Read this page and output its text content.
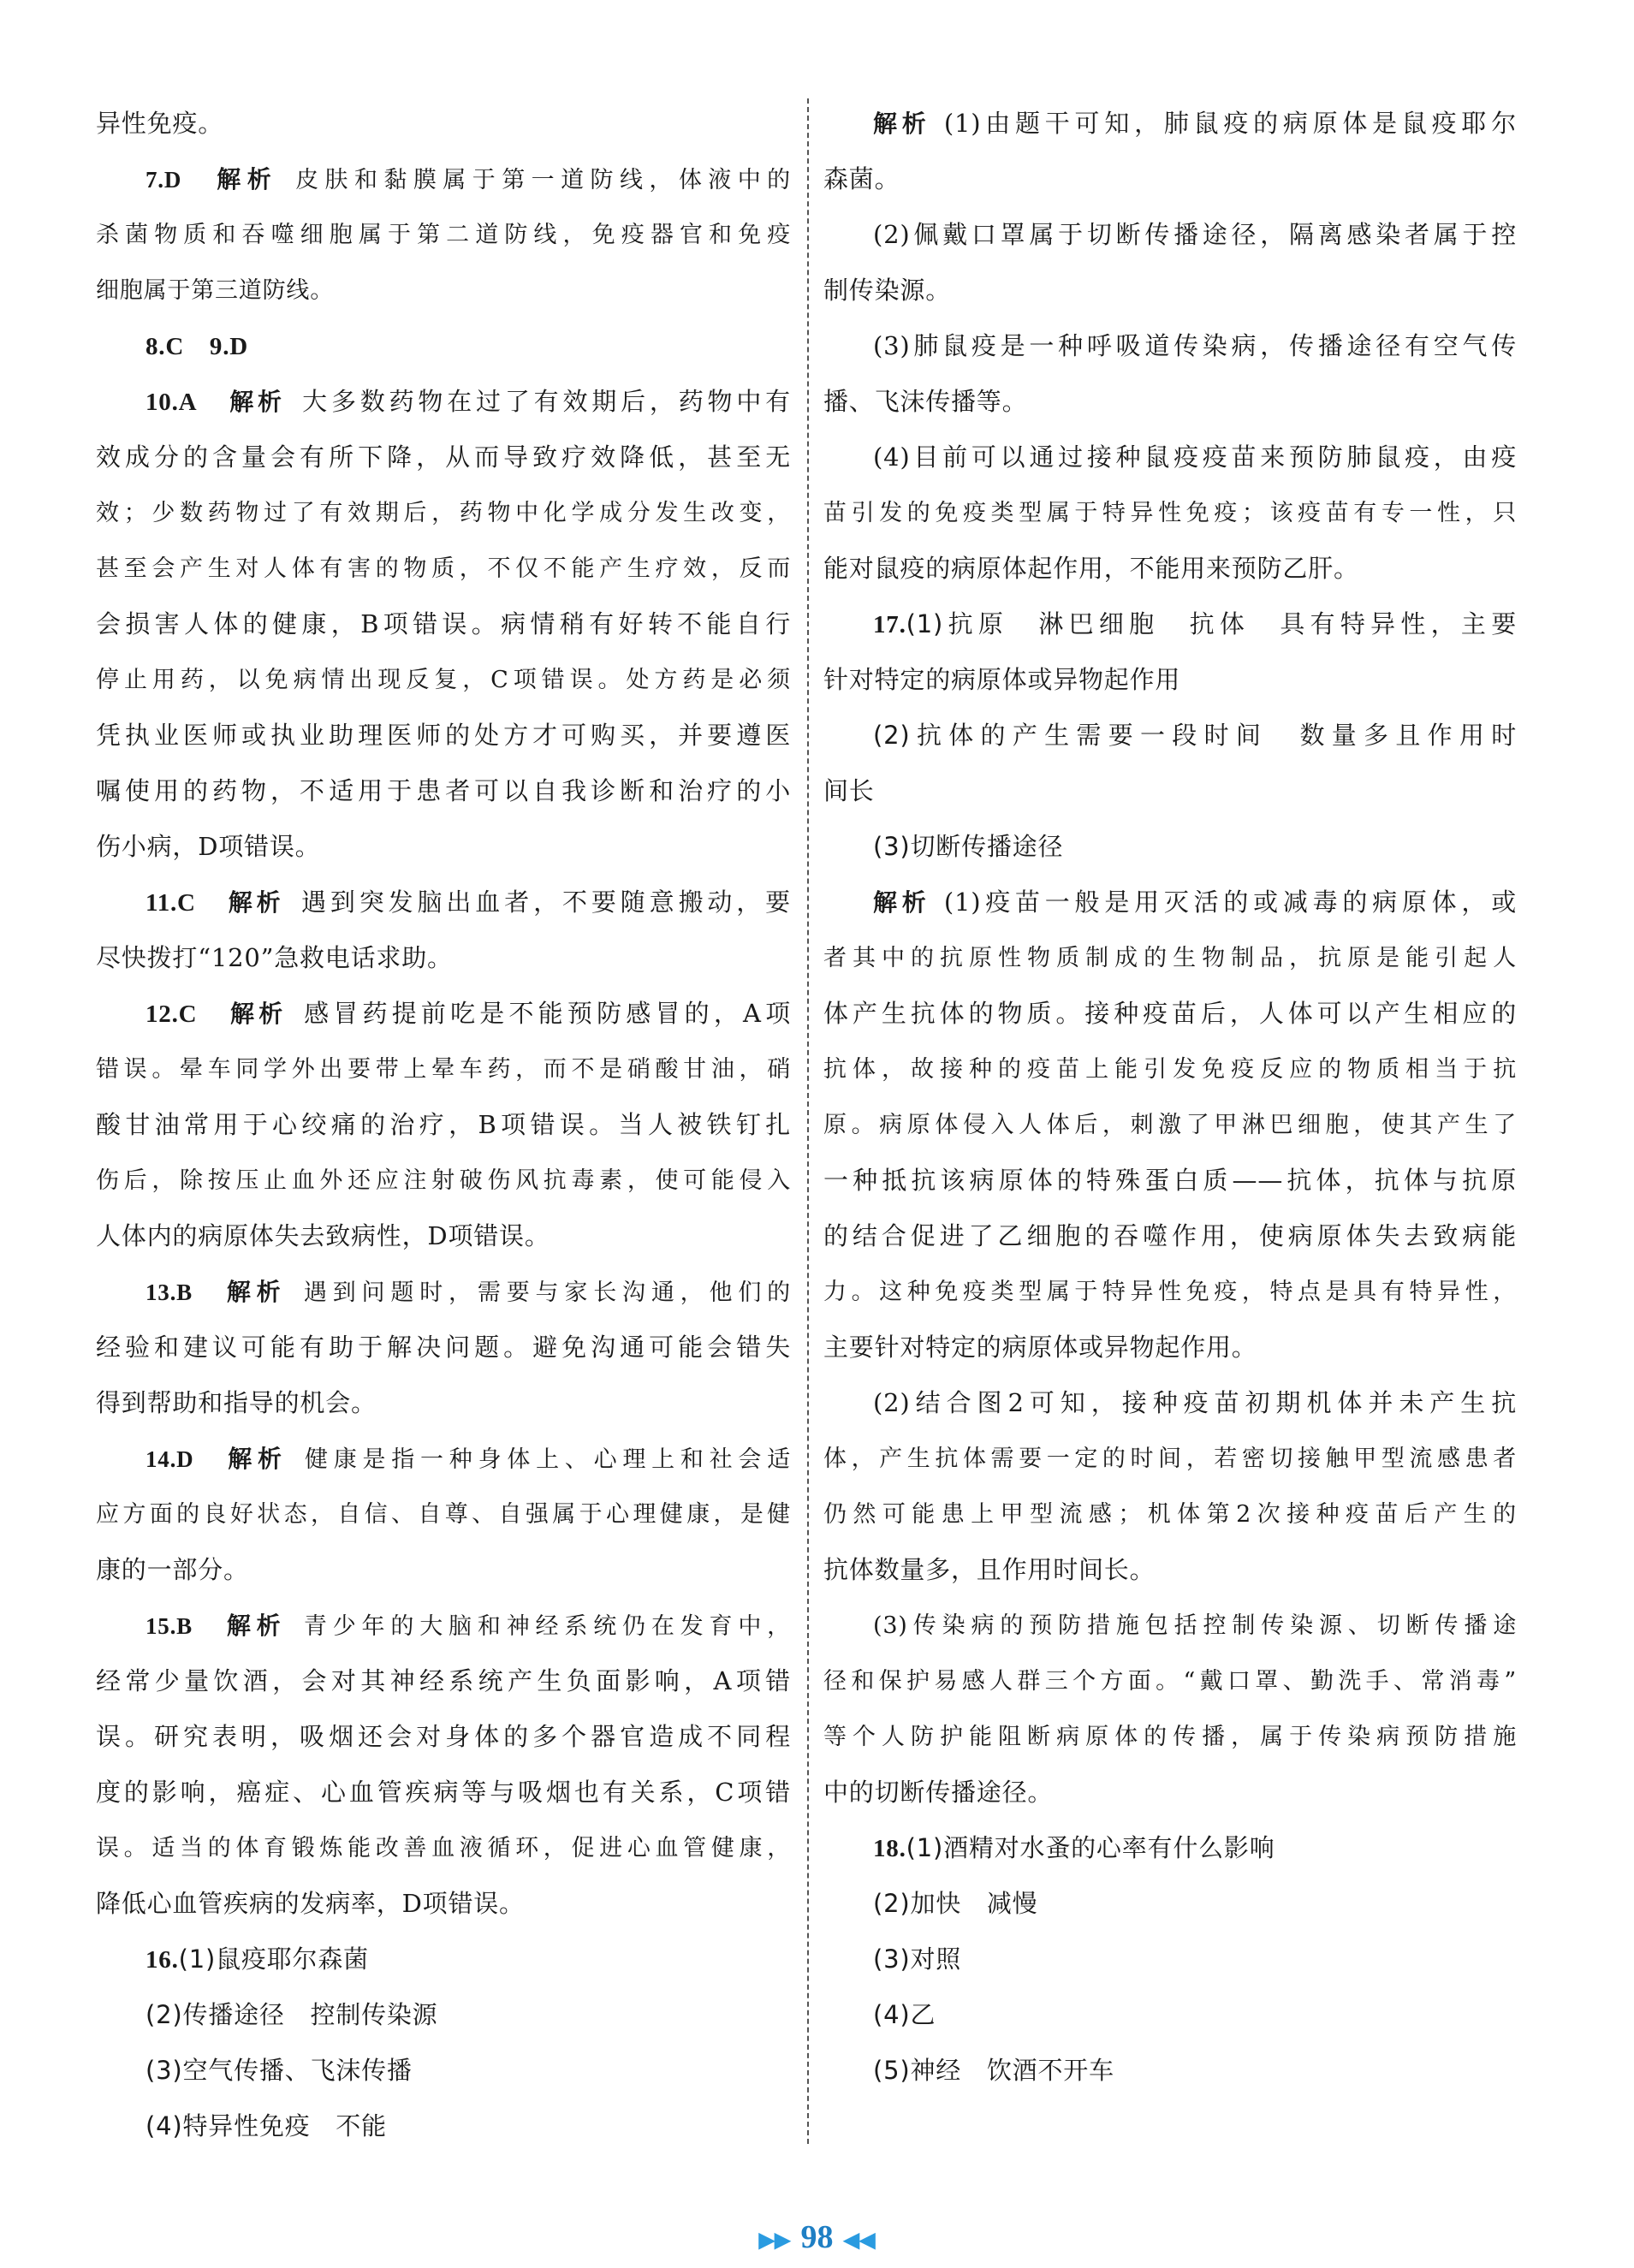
异性免疫。
7.D　 解析  皮肤和黏膜属于第一道防线，体液中的
杀菌物质和吞噬细胞属于第二道防线，免疫器官和免疫
细胞属于第三道防线。
8.C　9.D
10.A　 解析  大多数药物在过了有效期后，药物中有
效成分的含量会有所下降，从而导致疗效降低，甚至无
效；少数药物过了有效期后，药物中化学成分发生改变，
甚至会产生对人体有害的物质，不仅不能产生疗效，反而
会损害人体的健康，B项错误。病情稍有好转不能自行
停止用药，以免病情出现反复，C项错误。处方药是必须
凭执业医师或执业助理医师的处方才可购买，并要遵医
嘱使用的药物，不适用于患者可以自我诊断和治疗的小
伤小病，D项错误。
11.C　 解析  遇到突发脑出血者，不要随意搬动，要
尽快拨打“120”急救电话求助。
12.C　 解析  感冒药提前吃是不能预防感冒的，A项
错误。晕车同学外出要带上晕车药，而不是硝酸甘油，硝
酸甘油常用于心绞痛的治疗，B项错误。当人被铁钉扎
伤后，除按压止血外还应注射破伤风抗毒素，使可能侵入
人体内的病原体失去致病性，D项错误。
13.B　 解析  遇到问题时，需要与家长沟通，他们的
经验和建议可能有助于解决问题。避免沟通可能会错失
得到帮助和指导的机会。
14.D　 解析  健康是指一种身体上、心理上和社会适
应方面的良好状态，自信、自尊、自强属于心理健康，是健
康的一部分。
15.B　 解析  青少年的大脑和神经系统仍在发育中，
经常少量饮酒，会对其神经系统产生负面影响，A项错
误。研究表明，吸烟还会对身体的多个器官造成不同程
度的影响，癌症、心血管疾病等与吸烟也有关系，C项错
误。适当的体育锻炼能改善血液循环，促进心血管健康，
降低心血管疾病的发病率，D项错误。
16.(1)鼠疫耶尔森菌
(2)传播途径　控制传染源
(3)空气传播、飞沫传播
(4)特异性免疫　不能
解析  (1)由题干可知，肺鼠疫的病原体是鼠疫耶尔
森菌。
(2)佩戴口罩属于切断传播途径，隔离感染者属于控
制传染源。
(3)肺鼠疫是一种呼吸道传染病，传播途径有空气传
播、飞沫传播等。
(4)目前可以通过接种鼠疫疫苗来预防肺鼠疫，由疫
苗引发的免疫类型属于特异性免疫；该疫苗有专一性，只
能对鼠疫的病原体起作用，不能用来预防乙肝。
17.(1)抗原　淋巴细胞　抗体　具有特异性，主要
针对特定的病原体或异物起作用
(2)抗体的产生需要一段时间　数量多且作用时
间长
(3)切断传播途径
解析  (1)疫苗一般是用灭活的或减毒的病原体，或
者其中的抗原性物质制成的生物制品，抗原是能引起人
体产生抗体的物质。接种疫苗后，人体可以产生相应的
抗体，故接种的疫苗上能引发免疫反应的物质相当于抗
原。病原体侵入人体后，刺激了甲淋巴细胞，使其产生了
一种抵抗该病原体的特殊蛋白质——抗体，抗体与抗原
的结合促进了乙细胞的吞噬作用，使病原体失去致病能
力。这种免疫类型属于特异性免疫，特点是具有特异性，
主要针对特定的病原体或异物起作用。
(2)结合图2可知，接种疫苗初期机体并未产生抗
体，产生抗体需要一定的时间，若密切接触甲型流感患者
仍然可能患上甲型流感；机体第2次接种疫苗后产生的
抗体数量多，且作用时间长。
(3)传染病的预防措施包括控制传染源、切断传播途
径和保护易感人群三个方面。“戴口罩、勤洗手、常消毒”
等个人防护能阻断病原体的传播，属于传染病预防措施
中的切断传播途径。
18.(1)酒精对水蚤的心率有什么影响
(2)加快　减慢
(3)对照
(4)乙
(5)神经　饮酒不开车
▶▶ 98 ◀◀
